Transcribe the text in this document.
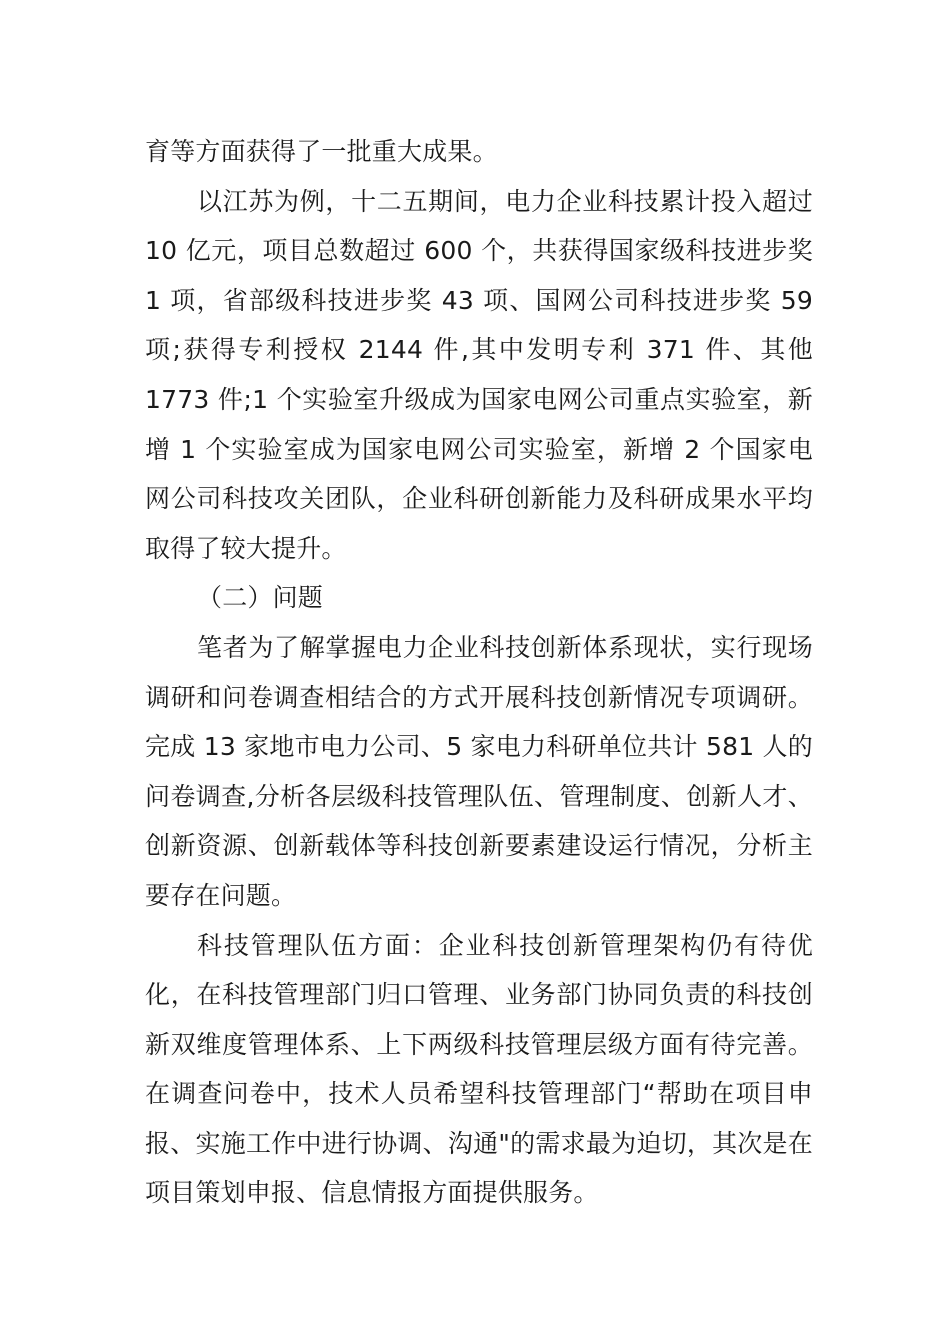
育等方面获得了一批重大成果。

以江苏为例，十二五期间，电力企业科技累计投入超过 10 亿元，项目总数超过 600 个，共获得国家级科技进步奖 1 项，省部级科技进步奖 43 项、国网公司科技进步奖 59 项;获得专利授权 2144 件,其中发明专利 371 件、其他 1773 件;1 个实验室升级成为国家电网公司重点实验室，新增 1 个实验室成为国家电网公司实验室，新增 2 个国家电网公司科技攻关团队，企业科研创新能力及科研成果水平均取得了较大提升。

（二）问题

笔者为了解掌握电力企业科技创新体系现状，实行现场调研和问卷调查相结合的方式开展科技创新情况专项调研。完成 13 家地市电力公司、5 家电力科研单位共计 581 人的问卷调查,分析各层级科技管理队伍、管理制度、创新人才、创新资源、创新载体等科技创新要素建设运行情况，分析主要存在问题。

科技管理队伍方面：企业科技创新管理架构仍有待优化，在科技管理部门归口管理、业务部门协同负责的科技创新双维度管理体系、上下两级科技管理层级方面有待完善。在调查问卷中，技术人员希望科技管理部门“帮助在项目申报、实施工作中进行协调、沟通"的需求最为迫切，其次是在项目策划申报、信息情报方面提供服务。
